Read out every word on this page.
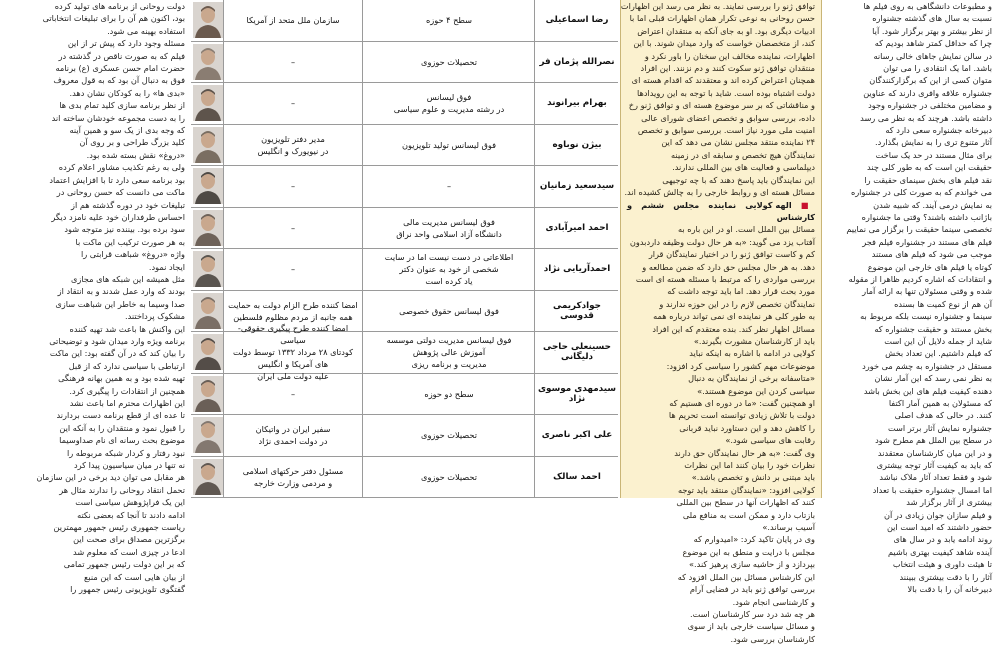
دولت روحانی از برنامه های تولید کرده
بود، اکنون هم آن را برای تبلیغات انتخاباتی
استفاده بهینه می شود.
مسئله وجود دارد که پیش تر از این
فیلم که به صورت ناقص در گذشته در
حضرت امام حسن عسکری (ع) برنامه
فوق به دنبال آن بود که به قول معروف
«بدی ها» را به کودکان نشان دهد.
از نظر برنامه سازی کلید تمام بدی ها
را به دست مجموعه خودشان ساخته اند
که وجه بدی از یک سو و همین آینه
کلید بزرگ طراحی و بر روی آن
«دروغ» نقش بسته شده بود.
ولی به رغم تکذیب مشاور اعلام کرده
بود برنامه سعی دارد تا با افزایش اعتماد
ماکت می دانست که حسن روحانی در
تبلیغات خود در دوره گذشته هم از
احساس طرفداران خود علیه نامزد دیگر
سود برده بود. بیننده نیز متوجه شود
به هر صورت ترکیب این ماکت با
واژه «دروغ» شباهت قرابتی را
ایجاد نمود.
مثل همیشه این شبکه های مجازی
بودند که وارد عمل شدند و به انتقاد از
صدا وسیما به خاطر این شباهت سازی
مشکوک پرداختند.
این واکنش ها باعث شد تهیه کننده
برنامه ویژه وارد میدان شود و توضیحاتی
را بیان کند که در آن گفته بود: این ماکت
ارتباطی با سیاسی ندارد که از قبل
تهیه شده بود و به همین بهانه فرهنگی
همچنین از انتقادات را پیگیری کرد.
این اظهارات محترم اما باعث نشد
تا عده ای از قطع برنامه دست بردارند
را قبول نمود و منتقدان را به آنکه این
موضوع بحث رسانه ای نام صداوسیما
نبود رفتار و کردار شبکه مربوطه را
نه تنها در میان سیاسیون پیدا کرد
هر مقابل می توان دید برخی در این سازمان
تحمل انتقاد روحانی را ندارند مثال هر
این یک فراپژوهش سیاسی است
ادامه دادند تا آنجا که بعضی نکته
ریاست جمهوری رئیس جمهور مهمترین
برگزترین مصداق برای صحت این
ادعا در چیزی است که معلوم شد
که بر این دولت رئیس جمهور تمامی
از بیان هایی است که این منبع
گفتگوی تلویزیونی رئیس جمهور را
رضا اسماعیلی
سطح ۴ حوزه
سازمان ملل متحد از آمریکا
نصرالله پژمان فر
تحصیلات حوزوی
–
بهرام بیرانوند
فوق لیسانس
در رشته مدیریت و علوم سیاسی
–
بیژن نوباوه
فوق لیسانس تولید تلویزیون
مدیر دفتر تلویزیون
در نیویورک و انگلیس
سیدسعید زمانیان
–
–
احمد امیرآبادی
فوق لیسانس مدیریت مالی
دانشگاه آزاد اسلامی واحد نراق
–
احمدآریایی نژاد
اطلاعاتی در دست نیست اما در سایت
شخصی از خود به عنوان دکتر
یاد کرده است
–
جوادکریمی قدوسی
فوق لیسانس حقوق خصوصی
امضا کننده طرح الزام دولت به حمایت
همه جانبه از مردم مظلوم فلسطین
حسینعلی حاجی دلیگانی
فوق لیسانس مدیریت دولتی موسسه
آموزش عالی پژوهش
مدیریت و برنامه ریزی
امضا کننده طرح پیگیری حقوقی-سیاسی
کودتای ۲۸ مرداد ۱۳۳۲ توسط دولت های آمریکا و انگلیس
علیه دولت ملی ایران
سیدمهدی موسوی نژاد
سطح دو حوزه
–
علی اکبر ناصری
تحصیلات حوزوی
سفیر ایران در واتیکان
در دولت احمدی نژاد
احمد سالک
تحصیلات حوزوی
مسئول دفتر حرکتهای اسلامی
و مردمی وزارت خارجه
توافق ژنو را بررسی نمایند. به نظر می رسد این اظهارات
حسن روحانی به نوعی تکرار همان اظهارات قبلی اما با
ادبیات دیگری بود. او به جای آنکه به منتقدان اعتراض
کند، از متخصصان خواست که وارد میدان شوند. با این
اظهارات، نماینده مخالف این سخنان را باور نکرد و
منتقدان توافق ژنو سکوت کنند و دم نزنند. این افراد
همچنان اعتراض کرده اند و معتقدند که اقدام هسته ای
دولت اشتباه بوده است. شاید با توجه به این رویدادها
و مناقشاتی که بر سر موضوع هسته ای و توافق ژنو رخ
داده، بررسی سوابق و تخصص اعضای شورای عالی
امنیت ملی مورد نیاز است. بررسی سوابق و تخصص
۲۴ نماینده منتقد مجلس نشان می دهد که این
نمایندگان هیچ تخصص و سابقه ای در زمینه
دیپلماسی و فعالیت های بین المللی ندارند.
این نمایندگان باید پاسخ دهند که با چه توجیهی
مسائل هسته ای و روابط خارجی را به چالش کشیده اند.
■ الهه کولایی نماینده مجلس ششم و کارشناس
مسائل بین الملل است. او در این باره به
آفتاب یزد می گوید: «به هر حال دولت وظیفه داردبدون
کم و کاست توافق ژنو را در اختیار نمایندگان قرار
دهد. به هر حال مجلس حق دارد که ضمن مطالعه و
بررسی مواردی را که مرتبط با مسئله هسته ای است
مورد بحث قرار دهد. اما باید توجه داشت که
نمایندگان تخصص لازم را در این حوزه ندارند و
به طور کلی هر نماینده ای نمی تواند درباره همه
مسائل اظهار نظر کند. بنده معتقدم که این افراد
باید از کارشناسان مشورت بگیرند.»
کولایی در ادامه با اشاره به اینکه نباید
موضوعات مهم کشور را سیاسی کرد افزود:
«متاسفانه برخی از نمایندگان به دنبال
سیاسی کردن این موضوع هستند.»
او همچنین گفت: «ما در دوره ای هستیم که
دولت با تلاش زیادی توانسته است تحریم ها
را کاهش دهد و این دستاورد نباید قربانی
رقابت های سیاسی شود.»
وی گفت: «به هر حال نمایندگان حق دارند
نظرات خود را بیان کنند اما این نظرات
باید مبتنی بر دانش و تخصص باشد.»
کولایی افزود: «نمایندگان منتقد باید توجه
کنند که اظهارات آنها در سطح بین المللی
بازتاب دارد و ممکن است به منافع ملی
آسیب برساند.»
وی در پایان تاکید کرد: «امیدوارم که
مجلس با درایت و منطق به این موضوع
بپردازد و از حاشیه سازی پرهیز کند.»
این کارشناس مسائل بین الملل افزود که
بررسی توافق ژنو باید در فضایی آرام
و کارشناسی انجام شود.
هر چه شد درد سر کارشناسان است.
و مسائل سیاست خارجی باید از سوی
کارشناسان بررسی شود.
و مطبوعات دانشگاهی به روی فیلم ها
نسبت به سال های گذشته جشنواره
از نظر بیشتر و بهتر برگزار شود. آیا
چرا که حداقل کمتر شاهد بودیم که
در سالن نمایش جاهای خالی رسانه
باشد. اما یک انتقادی را می توان
متوان کسی از این که برگزارکنندگان
جشنواره علاقه وافری دارند که عناوین
و مضامین مختلفی در جشنواره وجود
داشته باشد. هرچند که به نظر می رسد
دبیرخانه جشنواره سعی دارد که
آثار متنوع تری را به نمایش بگذارد.
برای مثال مستند در حد یک ساخت
حقیقت این است که به طور کلی چند
نقد فیلم های بخش سینمای حقیقت را
می خواندم که به صورت کلی در جشنواره
به نمایش درمی آیند. که شبیه شدن
باژانب داشته باشند؟ وقتی ما جشنواره
تخصصی سینما حقیقت را برگزار می نماییم
فیلم های مستند در جشنواره فیلم فجر
موجب می شود که فیلم های مستند
کوتاه یا فیلم های خارجی این موضوع
و انتقادات که اشاره کردیم ظاهرا از مقوله
شده و وقتی مسئولان تنها به ارائه آمار
آن هم از نوع کمیت ها بسنده
سینما و جشنواره نیست بلکه مربوط به
بخش مستند و حقیقت جشنواره که
شاید از جمله دلایل آن این است
که فیلم داشتیم. این تعداد بخش
مستقل در جشنواره به چشم می خورد
به نظر نمی رسد که این آمار نشان
دهنده کیفیت فیلم های این بخش باشد
که مسئولان به همین آمار اکتفا
کنند. در حالی که هدف اصلی
جشنواره نمایش آثار برتر است
در سطح بین الملل هم مطرح شود
و در این میان کارشناسان معتقدند
که باید به کیفیت آثار توجه بیشتری
شود و فقط تعداد آثار ملاک نباشد
اما امسال جشنواره حقیقت با تعداد
بیشتری از آثار برگزار شد
و فیلم سازان جوان زیادی در آن
حضور داشتند که امید است این
روند ادامه یابد و در سال های
آینده شاهد کیفیت بهتری باشیم
تا هیئت داوری و هیئت انتخاب
آثار را با دقت بیشتری ببینند
دبیرخانه آن را با دقت بالا
